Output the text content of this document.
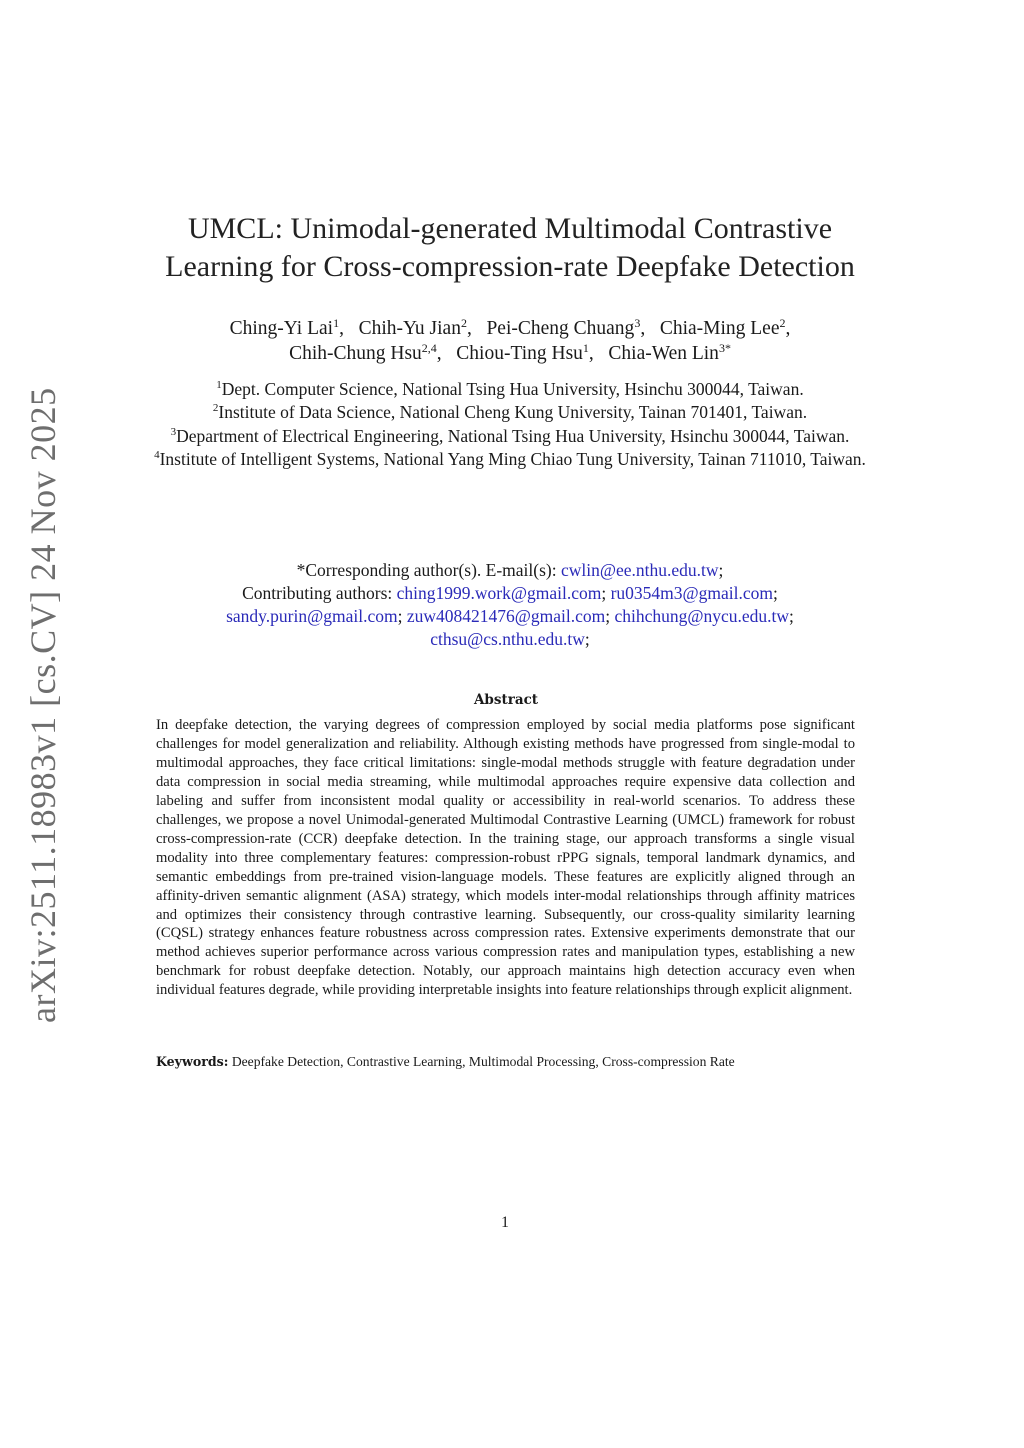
arXiv:2511.18983v1 [cs.CV] 24 Nov 2025
UMCL: Unimodal-generated Multimodal Contrastive
Learning for Cross-compression-rate Deepfake Detection
Ching-Yi Lai$^1$,   Chih-Yu Jian$^2$,   Pei-Cheng Chuang$^3$,   Chia-Ming Lee$^2$,
Chih-Chung Hsu$^{2,4}$,   Chiou-Ting Hsu$^1$,   Chia-Wen Lin$^{3*}$
$^1$Dept. Computer Science, National Tsing Hua University, Hsinchu 300044, Taiwan.
$^2$Institute of Data Science, National Cheng Kung University, Tainan 701401, Taiwan.
$^3$Department of Electrical Engineering, National Tsing Hua University, Hsinchu 300044, Taiwan.
$^4$Institute of Intelligent Systems, National Yang Ming Chiao Tung University, Tainan 711010, Taiwan.
*Corresponding author(s). E-mail(s): cwlin@ee.nthu.edu.tw;
Contributing authors: ching1999.work@gmail.com; ru0354m3@gmail.com;
sandy.purin@gmail.com; zuw408421476@gmail.com; chihchung@nycu.edu.tw;
cthsu@cs.nthu.edu.tw;
Abstract
In deepfake detection, the varying degrees of compression employed by social media platforms pose significant challenges for model generalization and reliability. Although existing methods have progressed from single-modal to multimodal approaches, they face critical limitations: single-modal methods struggle with feature degradation under data compression in social media streaming, while multimodal approaches require expensive data collection and labeling and suffer from inconsistent modal quality or accessibility in real-world scenarios. To address these challenges, we propose a novel Unimodal-generated Multimodal Contrastive Learning (UMCL) framework for robust cross-compression-rate (CCR) deepfake detection. In the training stage, our approach transforms a single visual modality into three complementary features: compression-robust rPPG signals, temporal landmark dynamics, and semantic embeddings from pre-trained vision-language models. These features are explicitly aligned through an affinity-driven semantic alignment (ASA) strategy, which models inter-modal relationships through affinity matrices and optimizes their consistency through contrastive learning. Subsequently, our cross-quality similarity learning (CQSL) strategy enhances feature robustness across compression rates. Extensive experiments demonstrate that our method achieves superior performance across various compression rates and manipulation types, establishing a new benchmark for robust deepfake detection. Notably, our approach maintains high detection accuracy even when individual features degrade, while providing interpretable insights into feature relationships through explicit alignment.
Keywords: Deepfake Detection, Contrastive Learning, Multimodal Processing, Cross-compression Rate
1
